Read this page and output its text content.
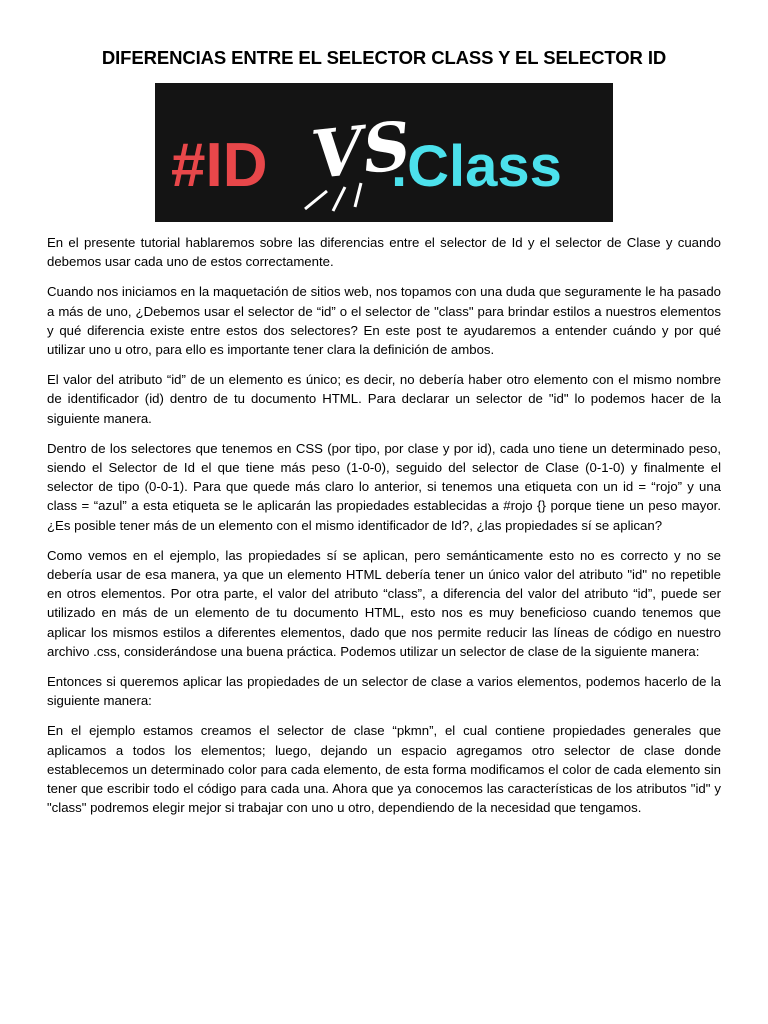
DIFERENCIAS ENTRE EL SELECTOR CLASS Y EL SELECTOR ID
#ID VS
.Class

En el presente tutorial hablaremos sobre las diferencias entre el selector de Id y el selector de Clase y cuando debemos usar cada uno de estos correctamente.

Cuando nos iniciamos en la maquetación de sitios web, nos topamos con una duda que seguramente le ha pasado a más de uno, ¿Debemos usar el selector de “id” o el selector de "class" para brindar estilos a nuestros elementos y qué diferencia existe entre estos dos selectores? En este post te ayudaremos a entender cuándo y por qué utilizar uno u otro, para ello es importante tener clara la definición de ambos.

El valor del atributo “id” de un elemento es único; es decir, no debería haber otro elemento con el mismo nombre de identificador (id) dentro de tu documento HTML. Para declarar un selector de "id" lo podemos hacer de la siguiente manera.

Dentro de los selectores que tenemos en CSS (por tipo, por clase y por id), cada uno tiene un determinado peso, siendo el Selector de Id el que tiene más peso (1-0-0), seguido del selector de Clase (0-1-0) y finalmente el selector de tipo (0-0-1). Para que quede más claro lo anterior, si tenemos una etiqueta con un id = “rojo” y una class = “azul” a esta etiqueta se le aplicarán las propiedades establecidas a #rojo {} porque tiene un peso mayor.¿Es posible tener más de un elemento con el mismo identificador de Id?, ¿las propiedades sí se aplican?

Como vemos en el ejemplo, las propiedades sí se aplican, pero semánticamente esto no es correcto y no se debería usar de esa manera, ya que un elemento HTML debería tener un único valor del atributo "id" no repetible en otros elementos. Por otra parte, el valor del atributo “class”, a diferencia del valor del atributo “id”, puede ser utilizado en más de un elemento de tu documento HTML, esto nos es muy beneficioso cuando tenemos que aplicar los mismos estilos a diferentes elementos, dado que nos permite reducir las líneas de código en nuestro archivo .css, considerándose una buena práctica. Podemos utilizar un selector de clase de la siguiente manera:

Entonces si queremos aplicar las propiedades de un selector de clase a varios elementos, podemos hacerlo de la siguiente manera:

En el ejemplo estamos creamos el selector de clase “pkmn”, el cual contiene propiedades generales que aplicamos a todos los elementos; luego, dejando un espacio agregamos otro selector de clase donde establecemos un determinado color para cada elemento, de esta forma modificamos el color de cada elemento sin tener que escribir todo el código para cada una. Ahora que ya conocemos las características de los atributos "id" y "class" podremos elegir mejor si trabajar con uno u otro, dependiendo de la necesidad que tengamos.
